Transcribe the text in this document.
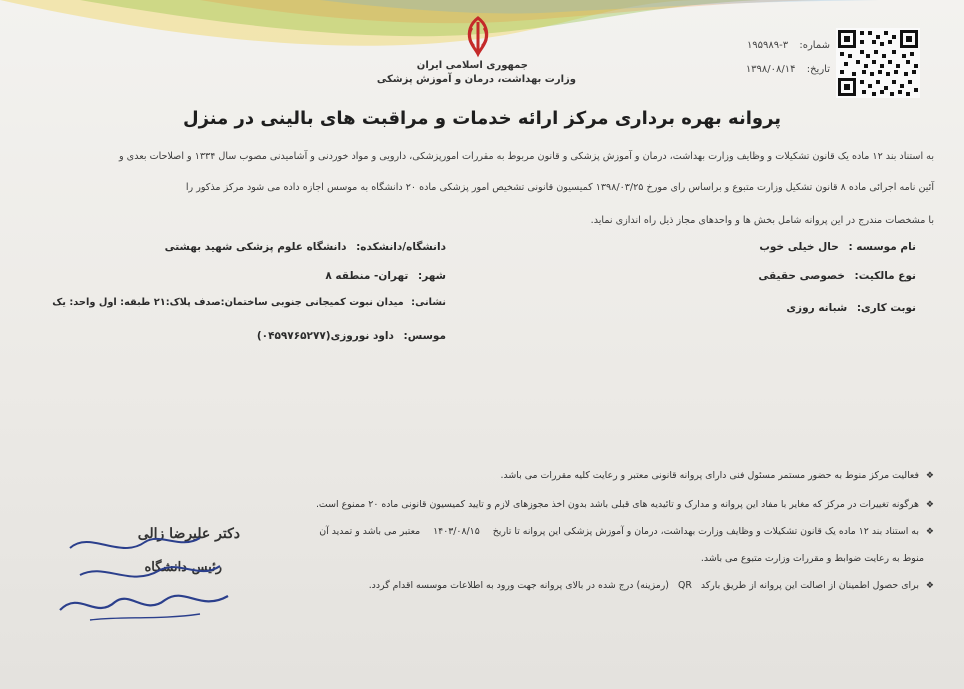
جمهوری اسلامی ایران
وزارت بهداشت، درمان و آموزش پزشکی
شماره: ۳-۱۹۵۹۸۹
تاریخ: ۱۳۹۸/۰۸/۱۴
پروانه بهره برداری مرکز ارائه خدمات و مراقبت های بالینی در منزل
به استناد بند ۱۲ ماده یک قانون تشکیلات و وظایف وزارت بهداشت، درمان و آموزش پزشکی و قانون مربوط به مقررات امورپزشکی، دارویی و مواد خوردنی و آشامیدنی مصوب سال ۱۳۳۴ و اصلاحات بعدی و
آئین نامه اجرائی ماده ۸ قانون تشکیل وزارت متبوع و براساس رای مورخ ۱۳۹۸/۰۳/۲۵ کمیسیون قانونی تشخیص امور پزشکی ماده ۲۰ دانشگاه به موسس اجازه داده می شود مرکز مذکور را
با مشخصات مندرج در این پروانه شامل بخش ها و واحدهای مجاز ذیل راه اندازی نماید.
نام موسسه : حال خیلی خوب
نوع مالکیت: خصوصی حقیقی
نوبت کاری: شبانه روزی
دانشگاه/دانشکده: دانشگاه علوم پزشکی شهید بهشتی
شهر: تهران- منطقه ۸
نشانی: میدان نبوت کمیجانی جنوبی ساختمان:صدف پلاک:۲۱ طبقه: اول واحد: یک
موسس: داود نوروزی(۰۴۵۹۷۶۵۲۷۷)
❖ فعالیت مرکز منوط به حضور مستمر مسئول فنی دارای پروانه قانونی معتبر و رعایت کلیه مقررات می باشد.
❖ هرگونه تغییرات در مرکز که مغایر با مفاد این پروانه و مدارک و تائیدیه های قبلی باشد بدون اخذ مجوزهای لازم و تایید کمیسیون قانونی ماده ۲۰ ممنوع است.
❖ به استناد بند ۱۲ ماده یک قانون تشکیلات و وظایف وزارت بهداشت، درمان و آموزش پزشکی این پروانه تا تاریخ ۱۴۰۳/۰۸/۱۵ معتبر می باشد و تمدید آن
منوط به رعایت ضوابط و مقررات وزارت متبوع می باشد.
❖ برای حصول اطمینان از اصالت این پروانه از طریق بارکد QR (رمزینه) درج شده در بالای پروانه جهت ورود به اطلاعات موسسه اقدام گردد.
دکتر علیرضا زالی
رئیس دانشگاه
